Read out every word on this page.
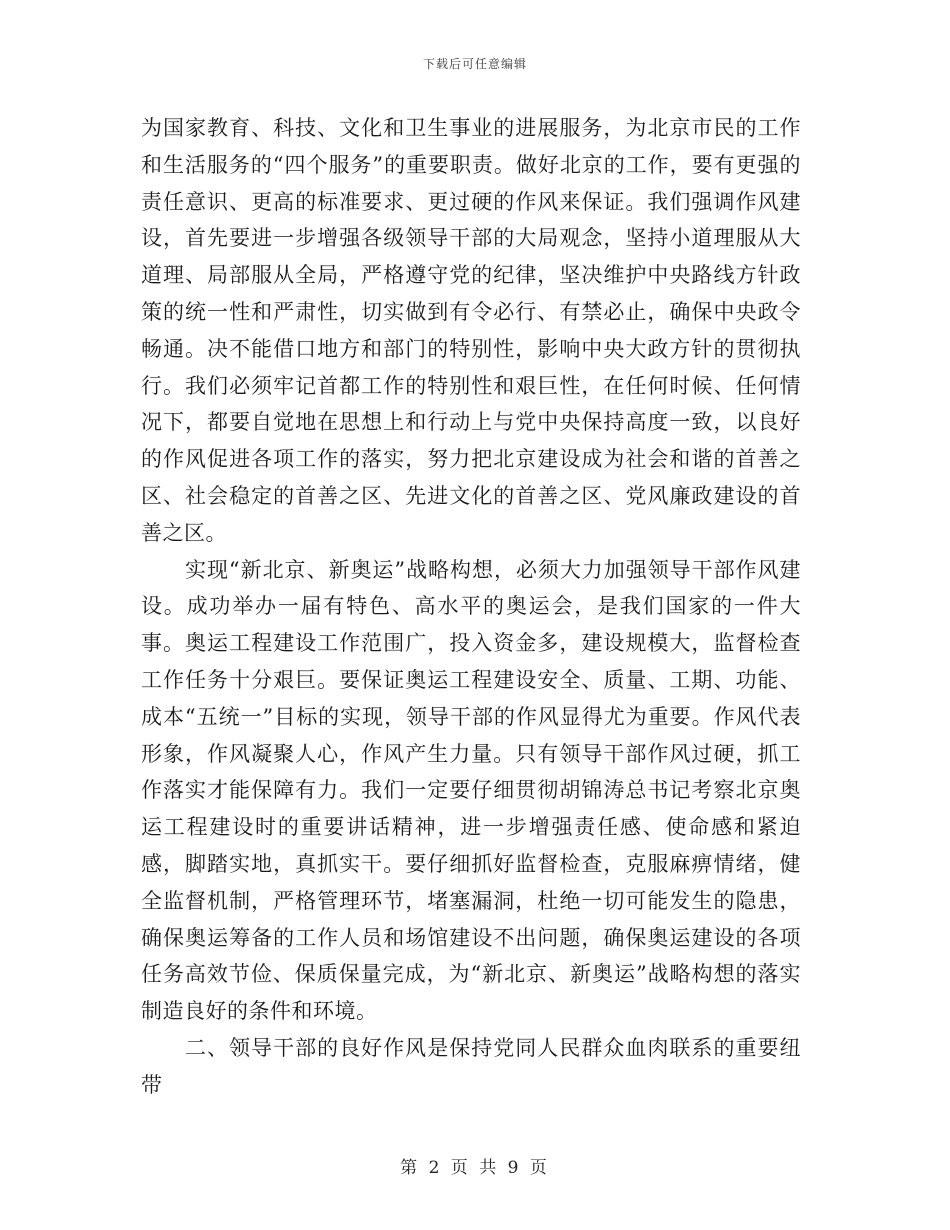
下载后可任意编辑

为国家教育、科技、文化和卫生事业的进展服务，为北京市民的工作和生活服务的“四个服务”的重要职责。做好北京的工作，要有更强的责任意识、更高的标准要求、更过硬的作风来保证。我们强调作风建设，首先要进一步增强各级领导干部的大局观念，坚持小道理服从大道理、局部服从全局，严格遵守党的纪律，坚决维护中央路线方针政策的统一性和严肃性，切实做到有令必行、有禁必止，确保中央政令畅通。决不能借口地方和部门的特别性，影响中央大政方针的贯彻执行。我们必须牢记首都工作的特别性和艰巨性，在任何时候、任何情况下，都要自觉地在思想上和行动上与党中央保持高度一致，以良好的作风促进各项工作的落实，努力把北京建设成为社会和谐的首善之区、社会稳定的首善之区、先进文化的首善之区、党风廉政建设的首善之区。

实现“新北京、新奥运”战略构想，必须大力加强领导干部作风建设。成功举办一届有特色、高水平的奥运会，是我们国家的一件大事。奥运工程建设工作范围广，投入资金多，建设规模大，监督检查工作任务十分艰巨。要保证奥运工程建设安全、质量、工期、功能、成本“五统一”目标的实现，领导干部的作风显得尤为重要。作风代表形象，作风凝聚人心，作风产生力量。只有领导干部作风过硬，抓工作落实才能保障有力。我们一定要仔细贯彻胡锦涛总书记考察北京奥运工程建设时的重要讲话精神，进一步增强责任感、使命感和紧迫感，脚踏实地，真抓实干。要仔细抓好监督检查，克服麻痹情绪，健全监督机制，严格管理环节，堵塞漏洞，杜绝一切可能发生的隐患，确保奥运筹备的工作人员和场馆建设不出问题，确保奥运建设的各项任务高效节俭、保质保量完成，为“新北京、新奥运”战略构想的落实制造良好的条件和环境。

二、领导干部的良好作风是保持党同人民群众血肉联系的重要纽带

第 2 页 共 9 页
